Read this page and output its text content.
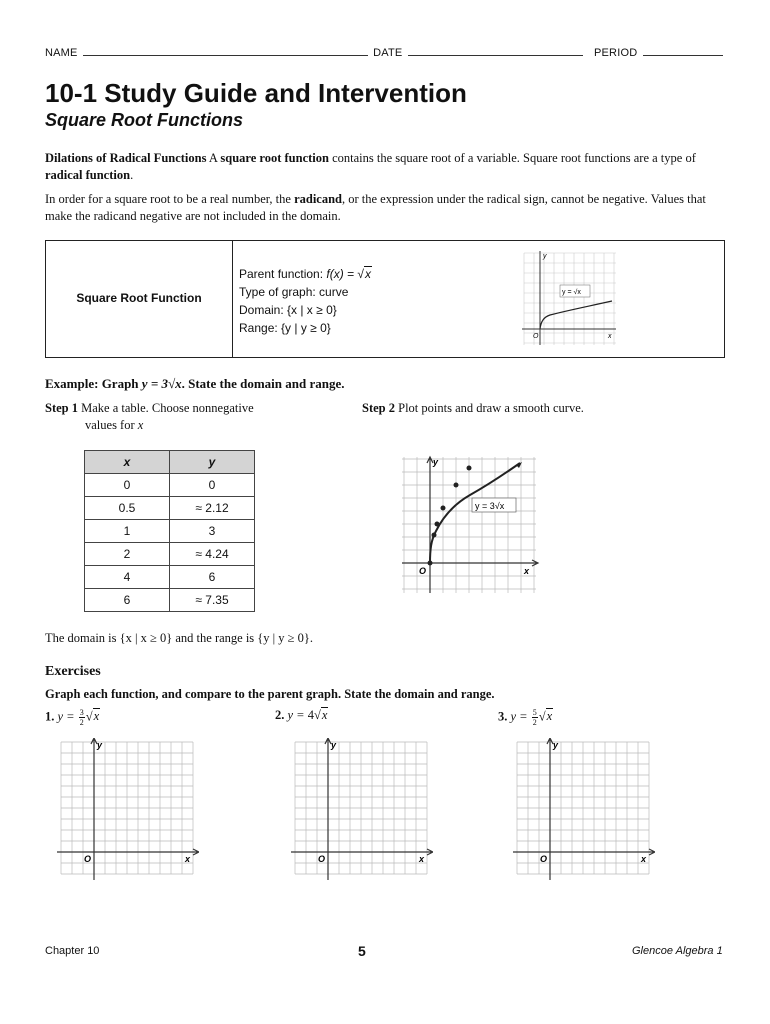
NAME	DATE	PERIOD
10-1 Study Guide and Intervention
Square Root Functions
Dilations of Radical Functions A square root function contains the square root of a variable. Square root functions are a type of radical function.
In order for a square root to be a real number, the radicand, or the expression under the radical sign, cannot be negative. Values that make the radicand negative are not included in the domain.
Square Root Function
Parent function: f(x) = √x
Type of graph: curve
Domain: {x | x ≥ 0}
Range: {y | y ≥ 0}
y = √x
y
x
O
Example: Graph y = 3√x. State the domain and range.
Step 1 Make a table. Choose nonnegative
values for x
Step 2 Plot points and draw a smooth curve.
x	y
0	0
0.5	≈ 2.12
1	3
2	≈ 4.24
4	6
6	≈ 7.35
y = 3√x
y
x
O
The domain is {x | x ≥ 0} and the range is {y | y ≥ 0}.
Exercises
Graph each function, and compare to the parent graph. State the domain and range.
1. $y = \frac{3}{2} √x$	2. y = 4√x	3. $y = \frac{5}{2} √x$
y
x
O
y
x
O
y
x
O
Chapter 10	5	Glencoe Algebra 1
